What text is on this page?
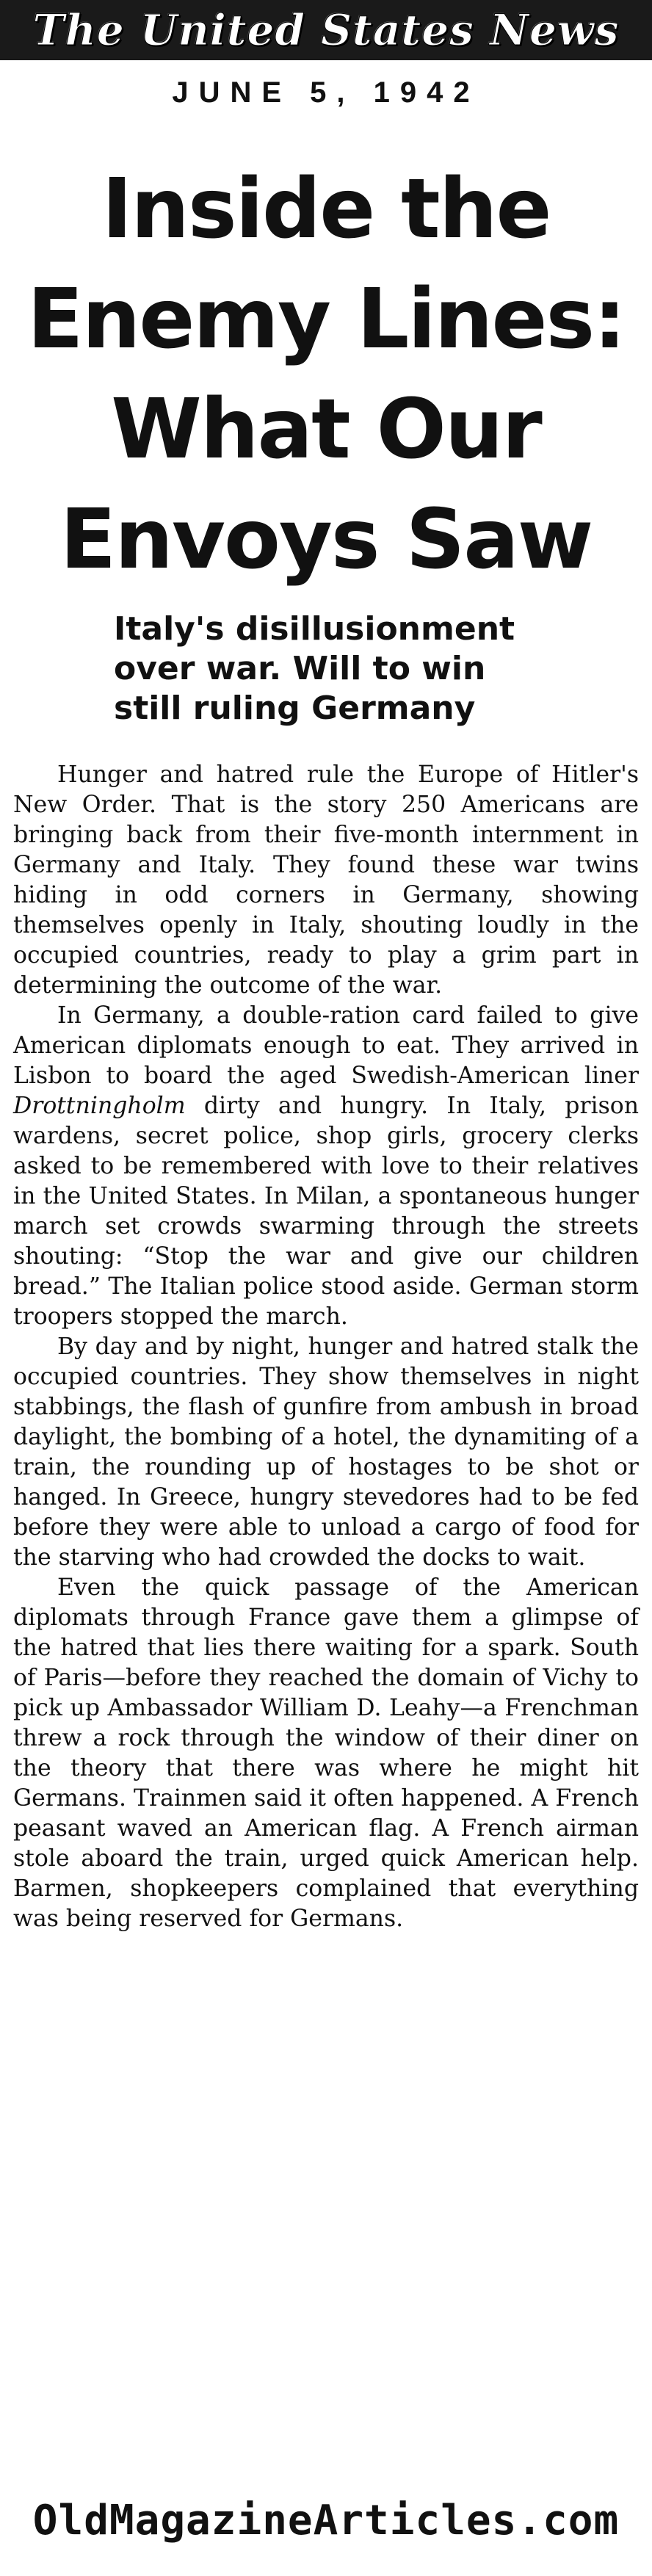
The United States News
JUNE 5, 1942
Inside the
Enemy Lines:
What Our
Envoys Saw
Italy's disillusionment
over war. Will to win
still ruling Germany

Hunger and hatred rule the Europe of Hitler's New Order. That is the story 250 Americans are bringing back from their five-month internment in Germany and Italy. They found these war twins hiding in odd corners in Germany, showing themselves openly in Italy, shouting loudly in the occupied countries, ready to play a grim part in determining the outcome of the war.

In Germany, a double-ration card failed to give American diplomats enough to eat. They arrived in Lisbon to board the aged Swedish-American liner Drottningholm dirty and hungry. In Italy, prison wardens, secret police, shop girls, grocery clerks asked to be remembered with love to their relatives in the United States. In Milan, a spontaneous hunger march set crowds swarming through the streets shouting: “Stop the war and give our children bread.” The Italian police stood aside. German storm troopers stopped the march.

By day and by night, hunger and hatred stalk the occupied countries. They show themselves in night stabbings, the flash of gunfire from ambush in broad daylight, the bombing of a hotel, the dynamiting of a train, the rounding up of hostages to be shot or hanged. In Greece, hungry stevedores had to be fed before they were able to unload a cargo of food for the starving who had crowded the docks to wait.

Even the quick passage of the American diplomats through France gave them a glimpse of the hatred that lies there waiting for a spark. South of Paris—before they reached the domain of Vichy to pick up Ambassador William D. Leahy—a Frenchman threw a rock through the window of their diner on the theory that there was where he might hit Germans. Trainmen said it often happened. A French peasant waved an American flag. A French airman stole aboard the train, urged quick American help. Barmen, shopkeepers complained that everything was being reserved for Germans.

OldMagazineArticles.com
